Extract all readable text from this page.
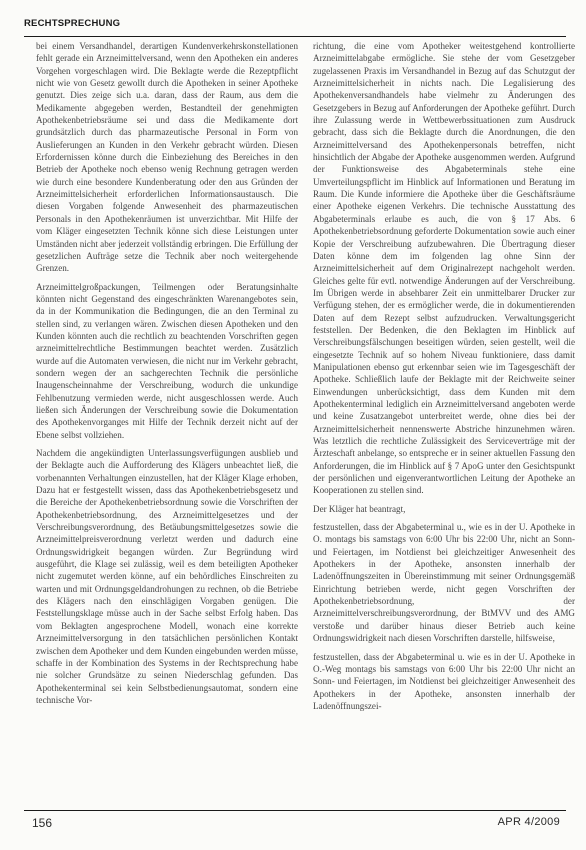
RECHTSPRECHUNG

bei einem Versandhandel, derartigen Kundenverkehrskonstellationen fehlt gerade ein Arzneimittelversand, wenn den Apotheken ein anderes Vorgehen vorgeschlagen wird. Die Beklagte werde die Rezeptpflicht nicht wie von Gesetz gewollt durch die Apotheken in seiner Apotheke genutzt. Dies zeige sich u.a. daran, dass der Raum, aus dem die Medikamente abgegeben werden, Bestandteil der genehmigten Apothekenbetriebsräume sei und dass die Medikamente dort grundsätzlich durch das pharmazeutische Personal in Form von Auslieferungen an Kunden in den Verkehr gebracht würden. Diesen Erfordernissen könne durch die Einbeziehung des Bereiches in den Betrieb der Apotheke noch ebenso wenig Rechnung getragen werden wie durch eine besondere Kundenberatung oder den aus Gründen der Arzneimittelsicherheit erforderlichen Informationsaustausch. Die diesen Vorgaben folgende Anwesenheit des pharmazeutischen Personals in den Apothekenräumen ist unverzichtbar. Mit Hilfe der vom Kläger eingesetzten Technik könne sich diese Leistungen unter Umständen nicht aber jederzeit vollständig erbringen. Die Erfüllung der gesetzlichen Aufträge setze die Technik aber noch weitergehende Grenzen.

Arzneimittelgroßpackungen, Teilmengen oder Beratungsinhalte könnten nicht Gegenstand des eingeschränkten Warenangebotes sein, da in der Kommunikation die Bedingungen, die an den Terminal zu stellen sind, zu verlangen wären. Zwischen diesen Apotheken und den Kunden könnten auch die rechtlich zu beachtenden Vorschriften gegen arzneimittelrechtliche Bestimmungen beachtet werden. Zusätzlich wurde auf die Automaten verwiesen, die nicht nur im Verkehr gebracht, sondern wegen der an sachgerechten Technik die persönliche Inaugenscheinnahme der Verschreibung, wodurch die unkundige Fehlbenutzung vermieden werde, nicht ausgeschlossen werde. Auch ließen sich Änderungen der Verschreibung sowie die Dokumentation des Apothekenvorganges mit Hilfe der Technik derzeit nicht auf der Ebene selbst vollziehen.

Nachdem die angekündigten Unterlassungsverfügungen ausblieb und der Beklagte auch die Aufforderung des Klägers unbeachtet ließ, die vorbenannten Verhaltungen einzustellen, hat der Kläger Klage erhoben, Dazu hat er festgestellt wissen, dass das Apothekenbetriebsgesetz und die Bereiche der Apothekenbetriebsordnung sowie die Vorschriften der Apothekenbetriebsordnung, des Arzneimittelgesetzes und der Verschreibungsverordnung, des Betäubungsmittelgesetzes sowie die Arzneimittelpreisverordnung verletzt werden und dadurch eine Ordnungswidrigkeit begangen würden. Zur Begründung wird ausgeführt, die Klage sei zulässig, weil es dem beteiligten Apotheker nicht zugemutet werden könne, auf ein behördliches Einschreiten zu warten und mit Ordnungsgeldandrohungen zu rechnen, ob die Betriebe des Klägers nach den einschlägigen Vorgaben genügen. Die Feststellungsklage müsse auch in der Sache selbst Erfolg haben. Das vom Beklagten angesprochene Modell, wonach eine korrekte Arzneimittelversorgung in den tatsächlichen persönlichen Kontakt zwischen dem Apotheker und dem Kunden eingebunden werden müsse, schaffe in der Kombination des Systems in der Rechtsprechung habe nie solcher Grundsätze zu seinen Niederschlag gefunden. Das Apothekenterminal sei kein Selbstbedienungsautomat, sondern eine technische Vor-

richtung, die eine vom Apotheker weitestgehend kontrollierte Arzneimittelabgabe ermögliche. Sie stehe der vom Gesetzgeber zugelassenen Praxis im Versandhandel in Bezug auf das Schutzgut der Arzneimittelsicherheit in nichts nach. Die Legalisierung des Apothekenversandhandels habe vielmehr zu Änderungen des Gesetzgebers in Bezug auf Anforderungen der Apotheke geführt. Durch ihre Zulassung werde in Wettbewerbssituationen zum Ausdruck gebracht, dass sich die Beklagte durch die Anordnungen, die den Arzneimittelversand des Apothekenpersonals betreffen, nicht hinsichtlich der Abgabe der Apotheke ausgenommen werden. Aufgrund der Funktionsweise des Abgabeterminals stehe eine Umverteilungspflicht im Hinblick auf Informationen und Beratung im Raum. Die Kunde informiere die Apotheke über die Geschäftsräume einer Apotheke eigenen Verkehrs. Die technische Ausstattung des Abgabeterminals erlaube es auch, die von § 17 Abs. 6 Apothekenbetriebsordnung geforderte Dokumentation sowie auch einer Kopie der Verschreibung aufzubewahren. Die Übertragung dieser Daten könne dem im folgenden lag ohne Sinn der Arzneimittelsicherheit auf dem Originalrezept nachgeholt werden. Gleiches gelte für evtl. notwendige Änderungen auf der Verschreibung. Im Übrigen werde in absehbarer Zeit ein unmittelbarer Drucker zur Verfügung stehen, der es ermöglicher werde, die in dokumentierenden Daten auf dem Rezept selbst aufzudrucken. Verwaltungsgericht feststellen. Der Bedenken, die den Beklagten im Hinblick auf Verschreibungsfälschungen beseitigen würden, seien gestellt, weil die eingesetzte Technik auf so hohem Niveau funktioniere, dass damit Manipulationen ebenso gut erkennbar seien wie im Tagesgeschäft der Apotheke. Schließlich laufe der Beklagte mit der Reichweite seiner Einwendungen unberücksichtigt, dass dem Kunden mit dem Apothekenterminal lediglich ein Arzneimittelversand angeboten werde und keine Zusatzangebot unterbreitet werde, ohne dies bei der Arzneimittelsicherheit nennenswerte Abstriche hinzunehmen wären. Was letztlich die rechtliche Zulässigkeit des Serviceverträge mit der Ärzteschaft anbelange, so entspreche er in seiner aktuellen Fassung den Anforderungen, die im Hinblick auf § 7 ApoG unter den Gesichtspunkt der persönlichen und eigenverantwortlichen Leitung der Apotheke an Kooperationen zu stellen sind.

Der Kläger hat beantragt,

festzustellen, dass der Abgabeterminal u., wie es in der U. Apotheke in O. montags bis samstags von 6:00 Uhr bis 22:00 Uhr, nicht an Sonn- und Feiertagen, im Notdienst bei gleichzeitiger Anwesenheit des Apothekers in der Apotheke, ansonsten innerhalb der Ladenöffnungszeiten in Übereinstimmung mit seiner Ordnungsgemäß Einrichtung betrieben werde, nicht gegen Vorschriften der Apothekenbetriebsordnung, der Arzneimittelverschreibungsverordnung, der BtMVV und des AMG verstoße und darüber hinaus dieser Betrieb auch keine Ordnungswidrigkeit nach diesen Vorschriften darstelle, hilfsweise,

festzustellen, dass der Abgabeterminal u. wie es in der U. Apotheke in O.-Weg montags bis samstags von 6:00 Uhr bis 22:00 Uhr nicht an Sonn- und Feiertagen, im Notdienst bei gleichzeitiger Anwesenheit des Apothekers in der Apotheke, ansonsten innerhalb der Ladenöffnungszei-

156	APR 4/2009
